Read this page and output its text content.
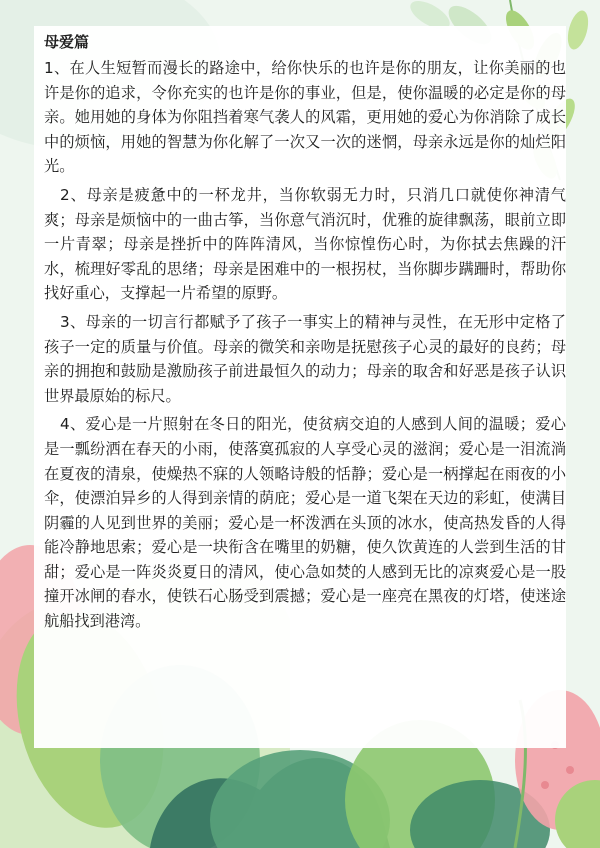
母爱篇

1、在人生短暂而漫长的路途中，给你快乐的也许是你的朋友，让你美丽的也许是你的追求，令你充实的也许是你的事业，但是，使你温暖的必定是你的母亲。她用她的身体为你阻挡着寒气袭人的风霜，更用她的爱心为你消除了成长中的烦恼，用她的智慧为你化解了一次又一次的迷惘，母亲永远是你的灿烂阳光。

2、母亲是疲惫中的一杯龙井，当你软弱无力时，只消几口就使你神清气爽；母亲是烦恼中的一曲古筝，当你意气消沉时，优雅的旋律飘荡，眼前立即一片青翠；母亲是挫折中的阵阵清风，当你惊惶伤心时，为你拭去焦躁的汗水，梳理好零乱的思绪；母亲是困难中的一根拐杖，当你脚步蹒跚时，帮助你找好重心，支撑起一片希望的原野。

3、母亲的一切言行都赋予了孩子一事实上的精神与灵性，在无形中定格了孩子一定的质量与价值。母亲的微笑和亲吻是抚慰孩子心灵的最好的良药；母亲的拥抱和鼓励是激励孩子前进最恒久的动力；母亲的取舍和好恶是孩子认识世界最原始的标尺。

4、爱心是一片照射在冬日的阳光，使贫病交迫的人感到人间的温暖；爱心是一瓢纷洒在春天的小雨，使落寞孤寂的人享受心灵的滋润；爱心是一泪流淌在夏夜的清泉，使燥热不寐的人领略诗般的恬静；爱心是一柄撑起在雨夜的小伞，使漂泊异乡的人得到亲情的荫庇；爱心是一道飞架在天边的彩虹，使满目阴霾的人见到世界的美丽；爱心是一杯泼洒在头顶的冰水，使高热发昏的人得能冷静地思索；爱心是一块衔含在嘴里的奶糖，使久饮黄连的人尝到生活的甘甜；爱心是一阵炎炎夏日的清风，使心急如焚的人感到无比的凉爽爱心是一股撞开冰闸的春水，使铁石心肠受到震撼；爱心是一座亮在黑夜的灯塔，使迷途航船找到港湾。
